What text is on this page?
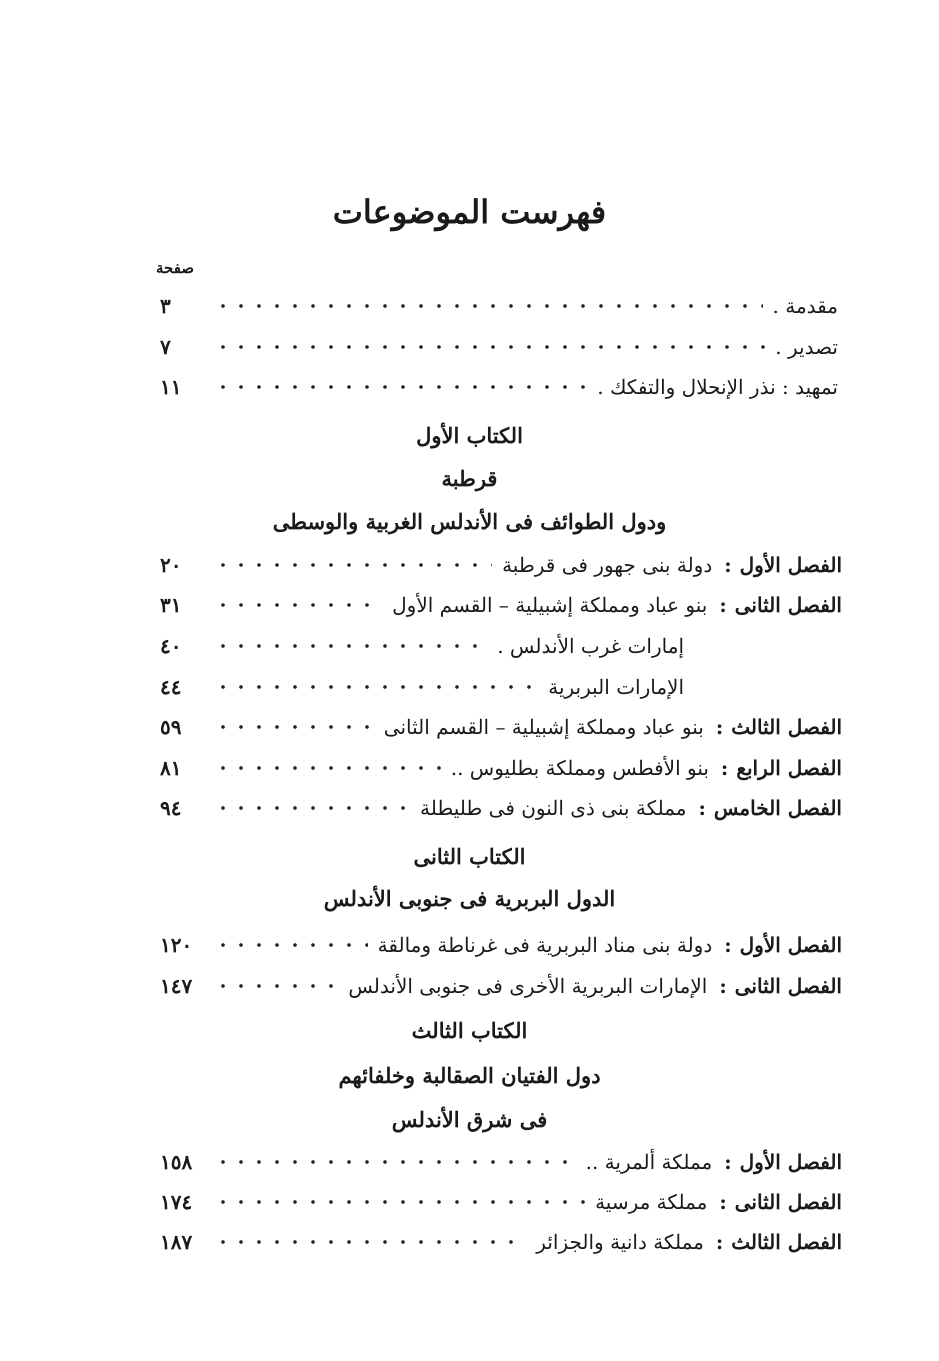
فهرست الموضوعات
صفحة
مقدمة .
٣
تصدير .
٧
تمهيد : نذر الإنحلال والتفكك .
١١
الكتاب الأول
قرطبة
ودول الطوائف فى الأندلس الغربية والوسطى
الفصل الأول
:
دولة بنى جهور فى قرطبة
٢٠
الفصل الثانى
:
بنو عباد ومملكة إشبيلية – القسم الأول
٣١
إمارات غرب الأندلس .
٤٠
الإمارات البربرية
٤٤
الفصل الثالث
:
بنو عباد ومملكة إشبيلية – القسم الثانى
٥٩
الفصل الرابع
:
بنو الأفطس ومملكة بطليوس ..
٨١
الفصل الخامس
:
مملكة بنى ذى النون فى طليطلة
٩٤
الكتاب الثانى
الدول البربرية فى جنوبى الأندلس
الفصل الأول
:
دولة بنى مناد البربرية فى غرناطة ومالقة
١٢٠
الفصل الثانى
:
الإمارات البربرية الأخرى فى جنوبى الأندلس
١٤٧
الكتاب الثالث
دول الفتيان الصقالبة وخلفائهم
فى شرق الأندلس
الفصل الأول
:
مملكة ألمرية ..
١٥٨
الفصل الثانى
:
مملكة مرسية
١٧٤
الفصل الثالث
:
مملكة دانية والجزائر
١٨٧
